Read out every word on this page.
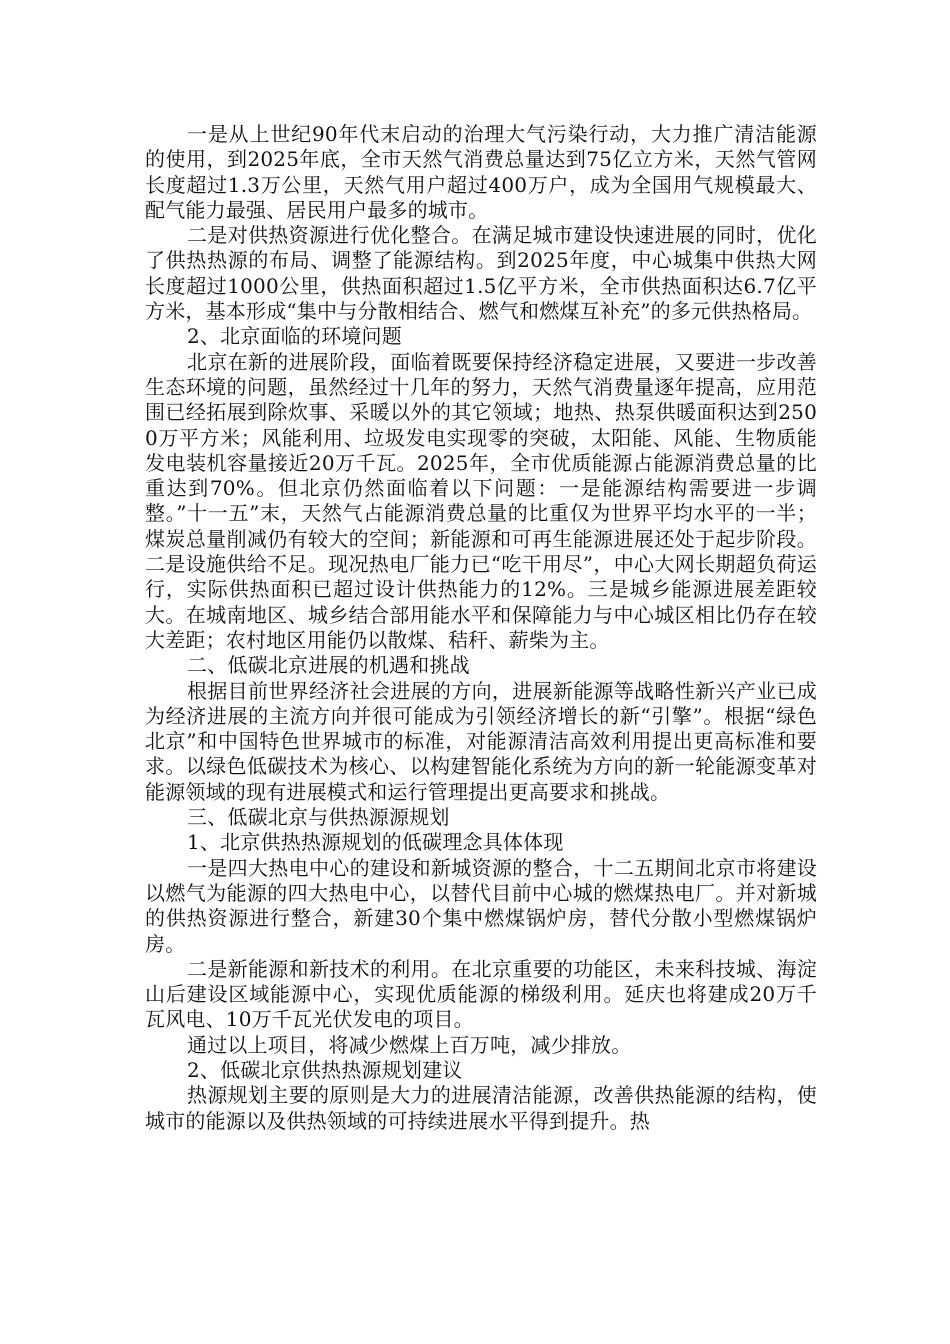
一是从上世纪90年代末启动的治理大气污染行动，大力推广清洁能源的使用，到2025年底，全市天然气消费总量达到75亿立方米，天然气管网长度超过1.3万公里，天然气用户超过400万户，成为全国用气规模最大、配气能力最强、居民用户最多的城市。

二是对供热资源进行优化整合。在满足城市建设快速进展的同时，优化了供热热源的布局、调整了能源结构。到2025年度，中心城集中供热大网长度超过1000公里，供热面积超过1.5亿平方米，全市供热面积达6.7亿平方米，基本形成“集中与分散相结合、燃气和燃煤互补充”的多元供热格局。

2、北京面临的环境问题

北京在新的进展阶段，面临着既要保持经济稳定进展，又要进一步改善生态环境的问题，虽然经过十几年的努力，天然气消费量逐年提高，应用范围已经拓展到除炊事、采暖以外的其它领域；地热、热泵供暖面积达到2500万平方米；风能利用、垃圾发电实现零的突破，太阳能、风能、生物质能发电装机容量接近20万千瓦。2025年，全市优质能源占能源消费总量的比重达到70%。但北京仍然面临着以下问题：一是能源结构需要进一步调整。”十一五”末，天然气占能源消费总量的比重仅为世界平均水平的一半；煤炭总量削减仍有较大的空间；新能源和可再生能源进展还处于起步阶段。二是设施供给不足。现况热电厂能力已“吃干用尽”，中心大网长期超负荷运行，实际供热面积已超过设计供热能力的12%。三是城乡能源进展差距较大。在城南地区、城乡结合部用能水平和保障能力与中心城区相比仍存在较大差距；农村地区用能仍以散煤、秸秆、薪柴为主。

二、低碳北京进展的机遇和挑战

根据目前世界经济社会进展的方向，进展新能源等战略性新兴产业已成为经济进展的主流方向并很可能成为引领经济增长的新“引擎”。根据“绿色北京”和中国特色世界城市的标准，对能源清洁高效利用提出更高标准和要求。以绿色低碳技术为核心、以构建智能化系统为方向的新一轮能源变革对能源领域的现有进展模式和运行管理提出更高要求和挑战。

三、低碳北京与供热源源规划

1、北京供热热源规划的低碳理念具体体现

一是四大热电中心的建设和新城资源的整合，十二五期间北京市将建设以燃气为能源的四大热电中心，以替代目前中心城的燃煤热电厂。并对新城的供热资源进行整合，新建30个集中燃煤锅炉房，替代分散小型燃煤锅炉房。

二是新能源和新技术的利用。在北京重要的功能区，未来科技城、海淀山后建设区域能源中心，实现优质能源的梯级利用。延庆也将建成20万千瓦风电、10万千瓦光伏发电的项目。

通过以上项目，将减少燃煤上百万吨，减少排放。

2、低碳北京供热热源规划建议

热源规划主要的原则是大力的进展清洁能源，改善供热能源的结构，使城市的能源以及供热领域的可持续进展水平得到提升。热
